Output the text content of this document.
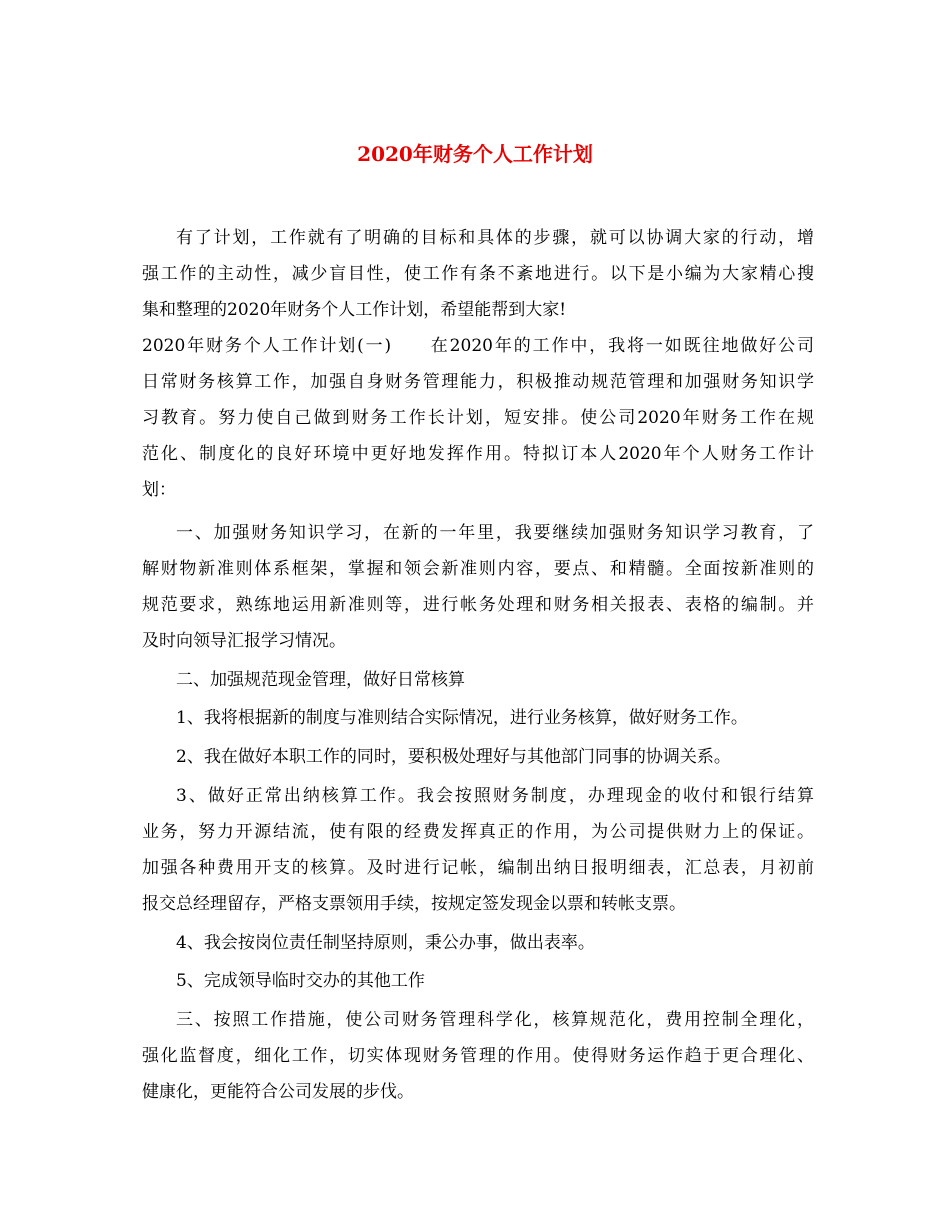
2020年财务个人工作计划
有了计划，工作就有了明确的目标和具体的步骤，就可以协调大家的行动，增
强工作的主动性，减少盲目性，使工作有条不紊地进行。以下是小编为大家精心搜
集和整理的2020年财务个人工作计划，希望能帮到大家!
2020年财务个人工作计划(一)　　在2020年的工作中，我将一如既往地做好公司
日常财务核算工作，加强自身财务管理能力，积极推动规范管理和加强财务知识学
习教育。努力使自己做到财务工作长计划，短安排。使公司2020年财务工作在规
范化、制度化的良好环境中更好地发挥作用。特拟订本人2020年个人财务工作计
划：
一、加强财务知识学习，在新的一年里，我要继续加强财务知识学习教育，了
解财物新准则体系框架，掌握和领会新准则内容，要点、和精髓。全面按新准则的
规范要求，熟练地运用新准则等，进行帐务处理和财务相关报表、表格的编制。并
及时向领导汇报学习情况。
二、加强规范现金管理，做好日常核算
1、我将根据新的制度与准则结合实际情况，进行业务核算，做好财务工作。
2、我在做好本职工作的同时，要积极处理好与其他部门同事的协调关系。
3、做好正常出纳核算工作。我会按照财务制度，办理现金的收付和银行结算
业务，努力开源结流，使有限的经费发挥真正的作用，为公司提供财力上的保证。
加强各种费用开支的核算。及时进行记帐，编制出纳日报明细表，汇总表，月初前
报交总经理留存，严格支票领用手续，按规定签发现金以票和转帐支票。
4、我会按岗位责任制坚持原则，秉公办事，做出表率。
5、完成领导临时交办的其他工作
三、按照工作措施，使公司财务管理科学化，核算规范化，费用控制全理化，
强化监督度，细化工作，切实体现财务管理的作用。使得财务运作趋于更合理化、
健康化，更能符合公司发展的步伐。
